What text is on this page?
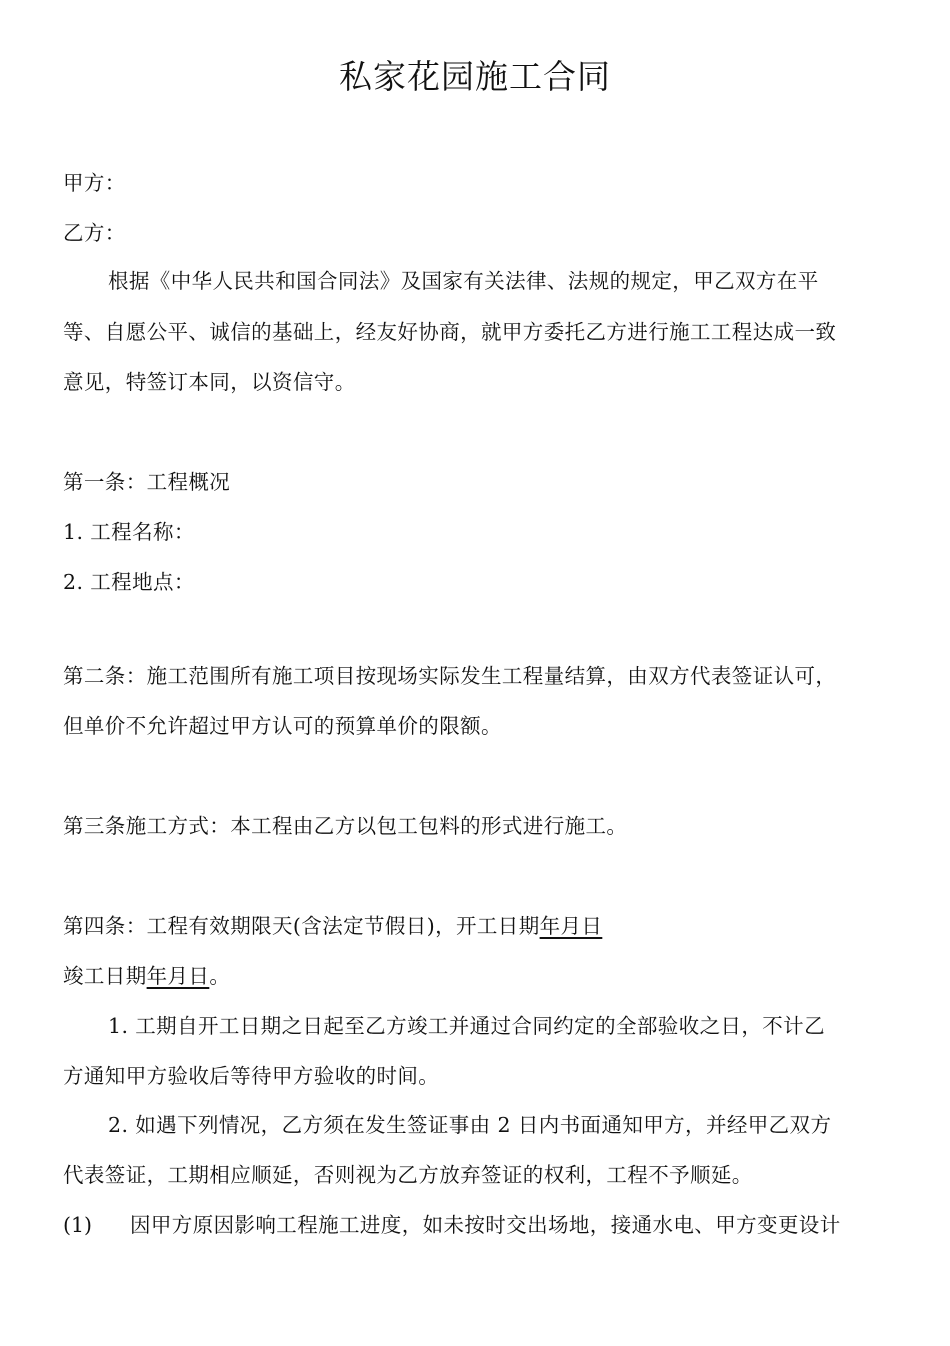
私家花园施工合同
甲方：
乙方：
根据《中华人民共和国合同法》及国家有关法律、法规的规定，甲乙双方在平
等、自愿公平、诚信的基础上，经友好协商，就甲方委托乙方进行施工工程达成一致
意见，特签订本同，以资信守。
第一条：工程概况
1. 工程名称：
2. 工程地点：
第二条：施工范围所有施工项目按现场实际发生工程量结算，由双方代表签证认可，
但单价不允许超过甲方认可的预算单价的限额。
第三条施工方式：本工程由乙方以包工包料的形式进行施工。
第四条：工程有效期限天(含法定节假日)，开工日期年月日
竣工日期年月日。
1. 工期自开工日期之日起至乙方竣工并通过合同约定的全部验收之日，不计乙
方通知甲方验收后等待甲方验收的时间。
2. 如遇下列情况，乙方须在发生签证事由 2 日内书面通知甲方，并经甲乙双方
代表签证，工期相应顺延，否则视为乙方放弃签证的权利，工程不予顺延。
(1) 因甲方原因影响工程施工进度，如未按时交出场地，接通水电、甲方变更设计
